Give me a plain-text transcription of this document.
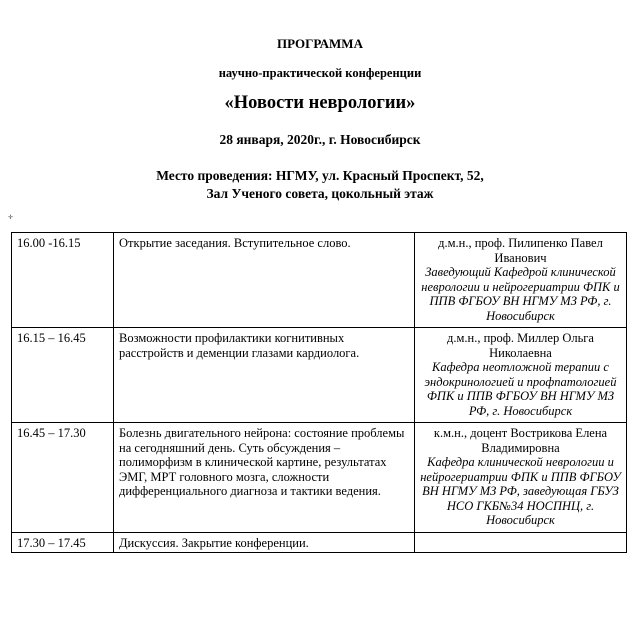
ПРОГРАММА
научно-практической конференции
«Новости неврологии»
28 января, 2020г., г. Новосибирск
Место проведения: НГМУ, ул. Красный Проспект, 52,
Зал Ученого совета, цокольный этаж
✛
16.00 -16.15	Открытие заседания. Вступительное слово.	д.м.н., проф. Пилипенко Павел Иванович
Заведующий Кафедрой клинической неврологии и нейрогериатрии ФПК и ППВ ФГБОУ ВН НГМУ МЗ РФ, г. Новосибирск

16.15 – 16.45	Возможности профилактики когнитивных расстройств и деменции глазами кардиолога.	д.м.н., проф. Миллер Ольга Николаевна
Кафедра неотложной терапии с эндокринологией и профпатологией ФПК и ППВ ФГБОУ ВН НГМУ МЗ РФ, г. Новосибирск

16.45 – 17.30	Болезнь двигательного нейрона: состояние проблемы на сегодняшний день. Суть обсуждения – полиморфизм в клинической картине, результатах ЭМГ, МРТ головного мозга, сложности дифференциального диагноза и тактики ведения.	к.м.н., доцент Вострикова Елена Владимировна
Кафедра клинической неврологии и нейрогериатрии ФПК и ППВ ФГБОУ ВН НГМУ МЗ РФ, заведующая ГБУЗ НСО ГКБ№34 НОСПНЦ, г. Новосибирск

17.30 – 17.45	Дискуссия. Закрытие конференции.	
